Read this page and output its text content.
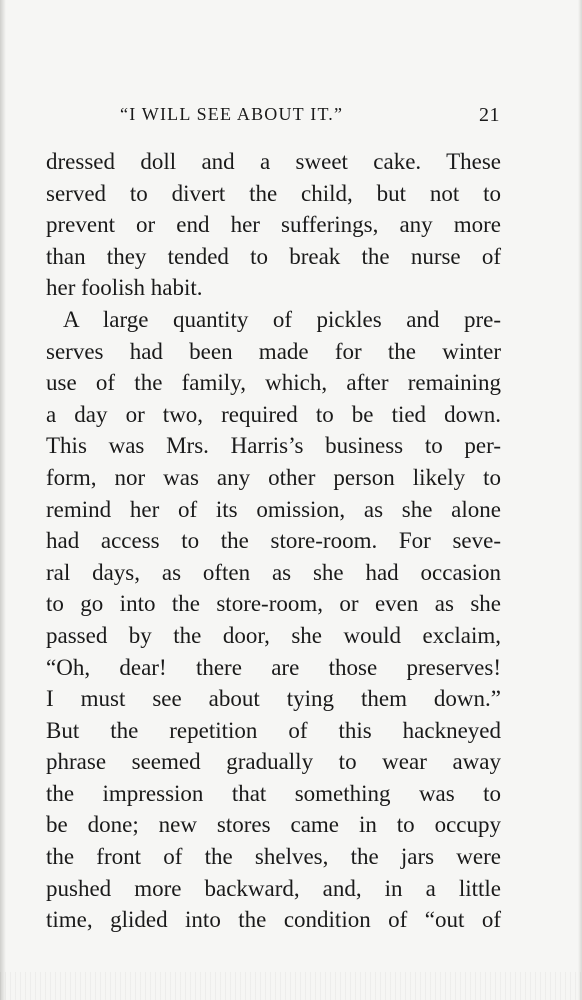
“I WILL SEE ABOUT IT.”	21
dressed doll and a sweet cake. These
served to divert the child, but not to
prevent or end her sufferings, any more
than they tended to break the nurse of
her foolish habit.
A large quantity of pickles and pre-
serves had been made for the winter
use of the family, which, after remaining
a day or two, required to be tied down.
This was Mrs. Harris’s business to per-
form, nor was any other person likely to
remind her of its omission, as she alone
had access to the store-room. For seve-
ral days, as often as she had occasion
to go into the store-room, or even as she
passed by the door, she would exclaim,
“Oh, dear! there are those preserves!
I must see about tying them down.”
But the repetition of this hackneyed
phrase seemed gradually to wear away
the impression that something was to
be done; new stores came in to occupy
the front of the shelves, the jars were
pushed more backward, and, in a little
time, glided into the condition of “out of
